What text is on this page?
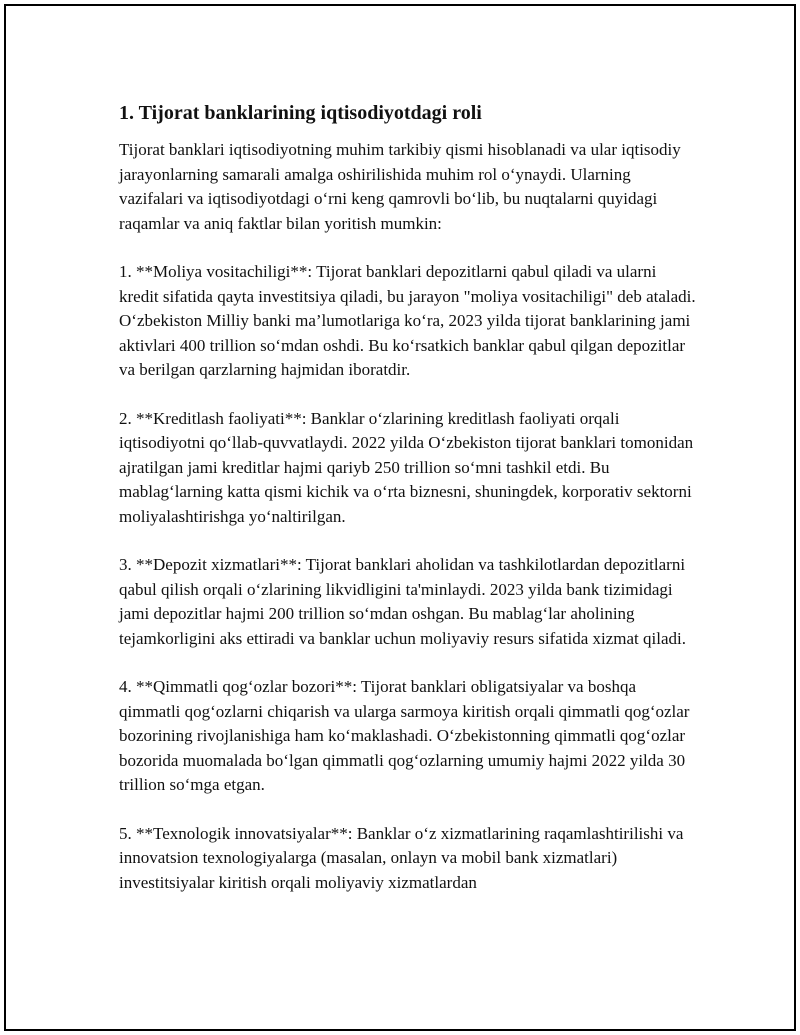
1. Tijorat banklarining iqtisodiyotdagi roli

Tijorat banklari iqtisodiyotning muhim tarkibiy qismi hisoblanadi va ular iqtisodiy jarayonlarning samarali amalga oshirilishida muhim rol o‘ynaydi. Ularning vazifalari va iqtisodiyotdagi o‘rni keng qamrovli bo‘lib, bu nuqtalarni quyidagi raqamlar va aniq faktlar bilan yoritish mumkin:

1. **Moliya vositachiligi**: Tijorat banklari depozitlarni qabul qiladi va ularni kredit sifatida qayta investitsiya qiladi, bu jarayon "moliya vositachiligi" deb ataladi. O‘zbekiston Milliy banki ma’lumotlariga ko‘ra, 2023 yilda tijorat banklarining jami aktivlari 400 trillion so‘mdan oshdi. Bu ko‘rsatkich banklar qabul qilgan depozitlar va berilgan qarzlarning hajmidan iboratdir.

2. **Kreditlash faoliyati**: Banklar o‘zlarining kreditlash faoliyati orqali iqtisodiyotni qo‘llab-quvvatlaydi. 2022 yilda O‘zbekiston tijorat banklari tomonidan ajratilgan jami kreditlar hajmi qariyb 250 trillion so‘mni tashkil etdi. Bu mablag‘larning katta qismi kichik va o‘rta biznesni, shuningdek, korporativ sektorni moliyalashtirishga yo‘naltirilgan.

3. **Depozit xizmatlari**: Tijorat banklari aholidan va tashkilotlardan depozitlarni qabul qilish orqali o‘zlarining likvidligini ta'minlaydi. 2023 yilda bank tizimidagi jami depozitlar hajmi 200 trillion so‘mdan oshgan. Bu mablag‘lar aholining tejamkorligini aks ettiradi va banklar uchun moliyaviy resurs sifatida xizmat qiladi.

4. **Qimmatli qog‘ozlar bozori**: Tijorat banklari obligatsiyalar va boshqa qimmatli qog‘ozlarni chiqarish va ularga sarmoya kiritish orqali qimmatli qog‘ozlar bozorining rivojlanishiga ham ko‘maklashadi. O‘zbekistonning qimmatli qog‘ozlar bozorida muomalada bo‘lgan qimmatli qog‘ozlarning umumiy hajmi 2022 yilda 30 trillion so‘mga etgan.

5. **Texnologik innovatsiyalar**: Banklar o‘z xizmatlarining raqamlashtirilishi va innovatsion texnologiyalarga (masalan, onlayn va mobil bank xizmatlari) investitsiyalar kiritish orqali moliyaviy xizmatlardan
